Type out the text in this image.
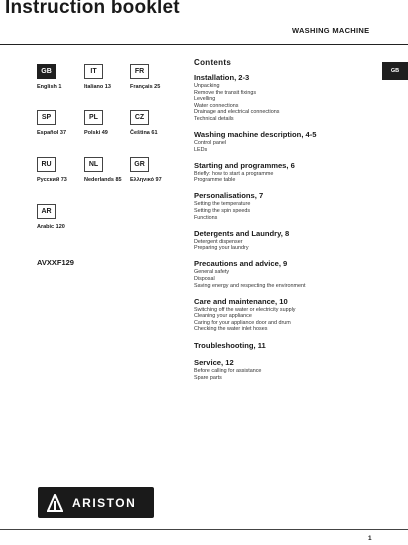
Instruction booklet
WASHING MACHINE
GB
English 1
IT
Italiano 13
FR
Français 25
SP
Español 37
PL
Polski 49
CZ
Čeština 61
RU
Русский 73
NL
Nederlands 85
GR
Ελληνικό 97
AR
Arabic 120
AVXXF129
Contents
Installation, 2-3
Unpacking
Remove the transit fixings
Levelling
Water connections
Drainage and electrical connections
Technical details
Washing machine description, 4-5
Control panel
LEDs
Starting and programmes, 6
Briefly: how to start a programme
Programme table
Personalisations, 7
Setting the temperature
Setting the spin speeds
Functions
Detergents and Laundry, 8
Detergent dispenser
Preparing your laundry
Precautions and advice, 9
General safety
Disposal
Saving energy and respecting the environment
Care and maintenance, 10
Switching off the water or electricity supply
Cleaning your appliance
Caring for your appliance door and drum
Checking the water inlet hoses
Troubleshooting, 11
Service, 12
Before calling for assistance
Spare parts
GB
ARISTON
1
